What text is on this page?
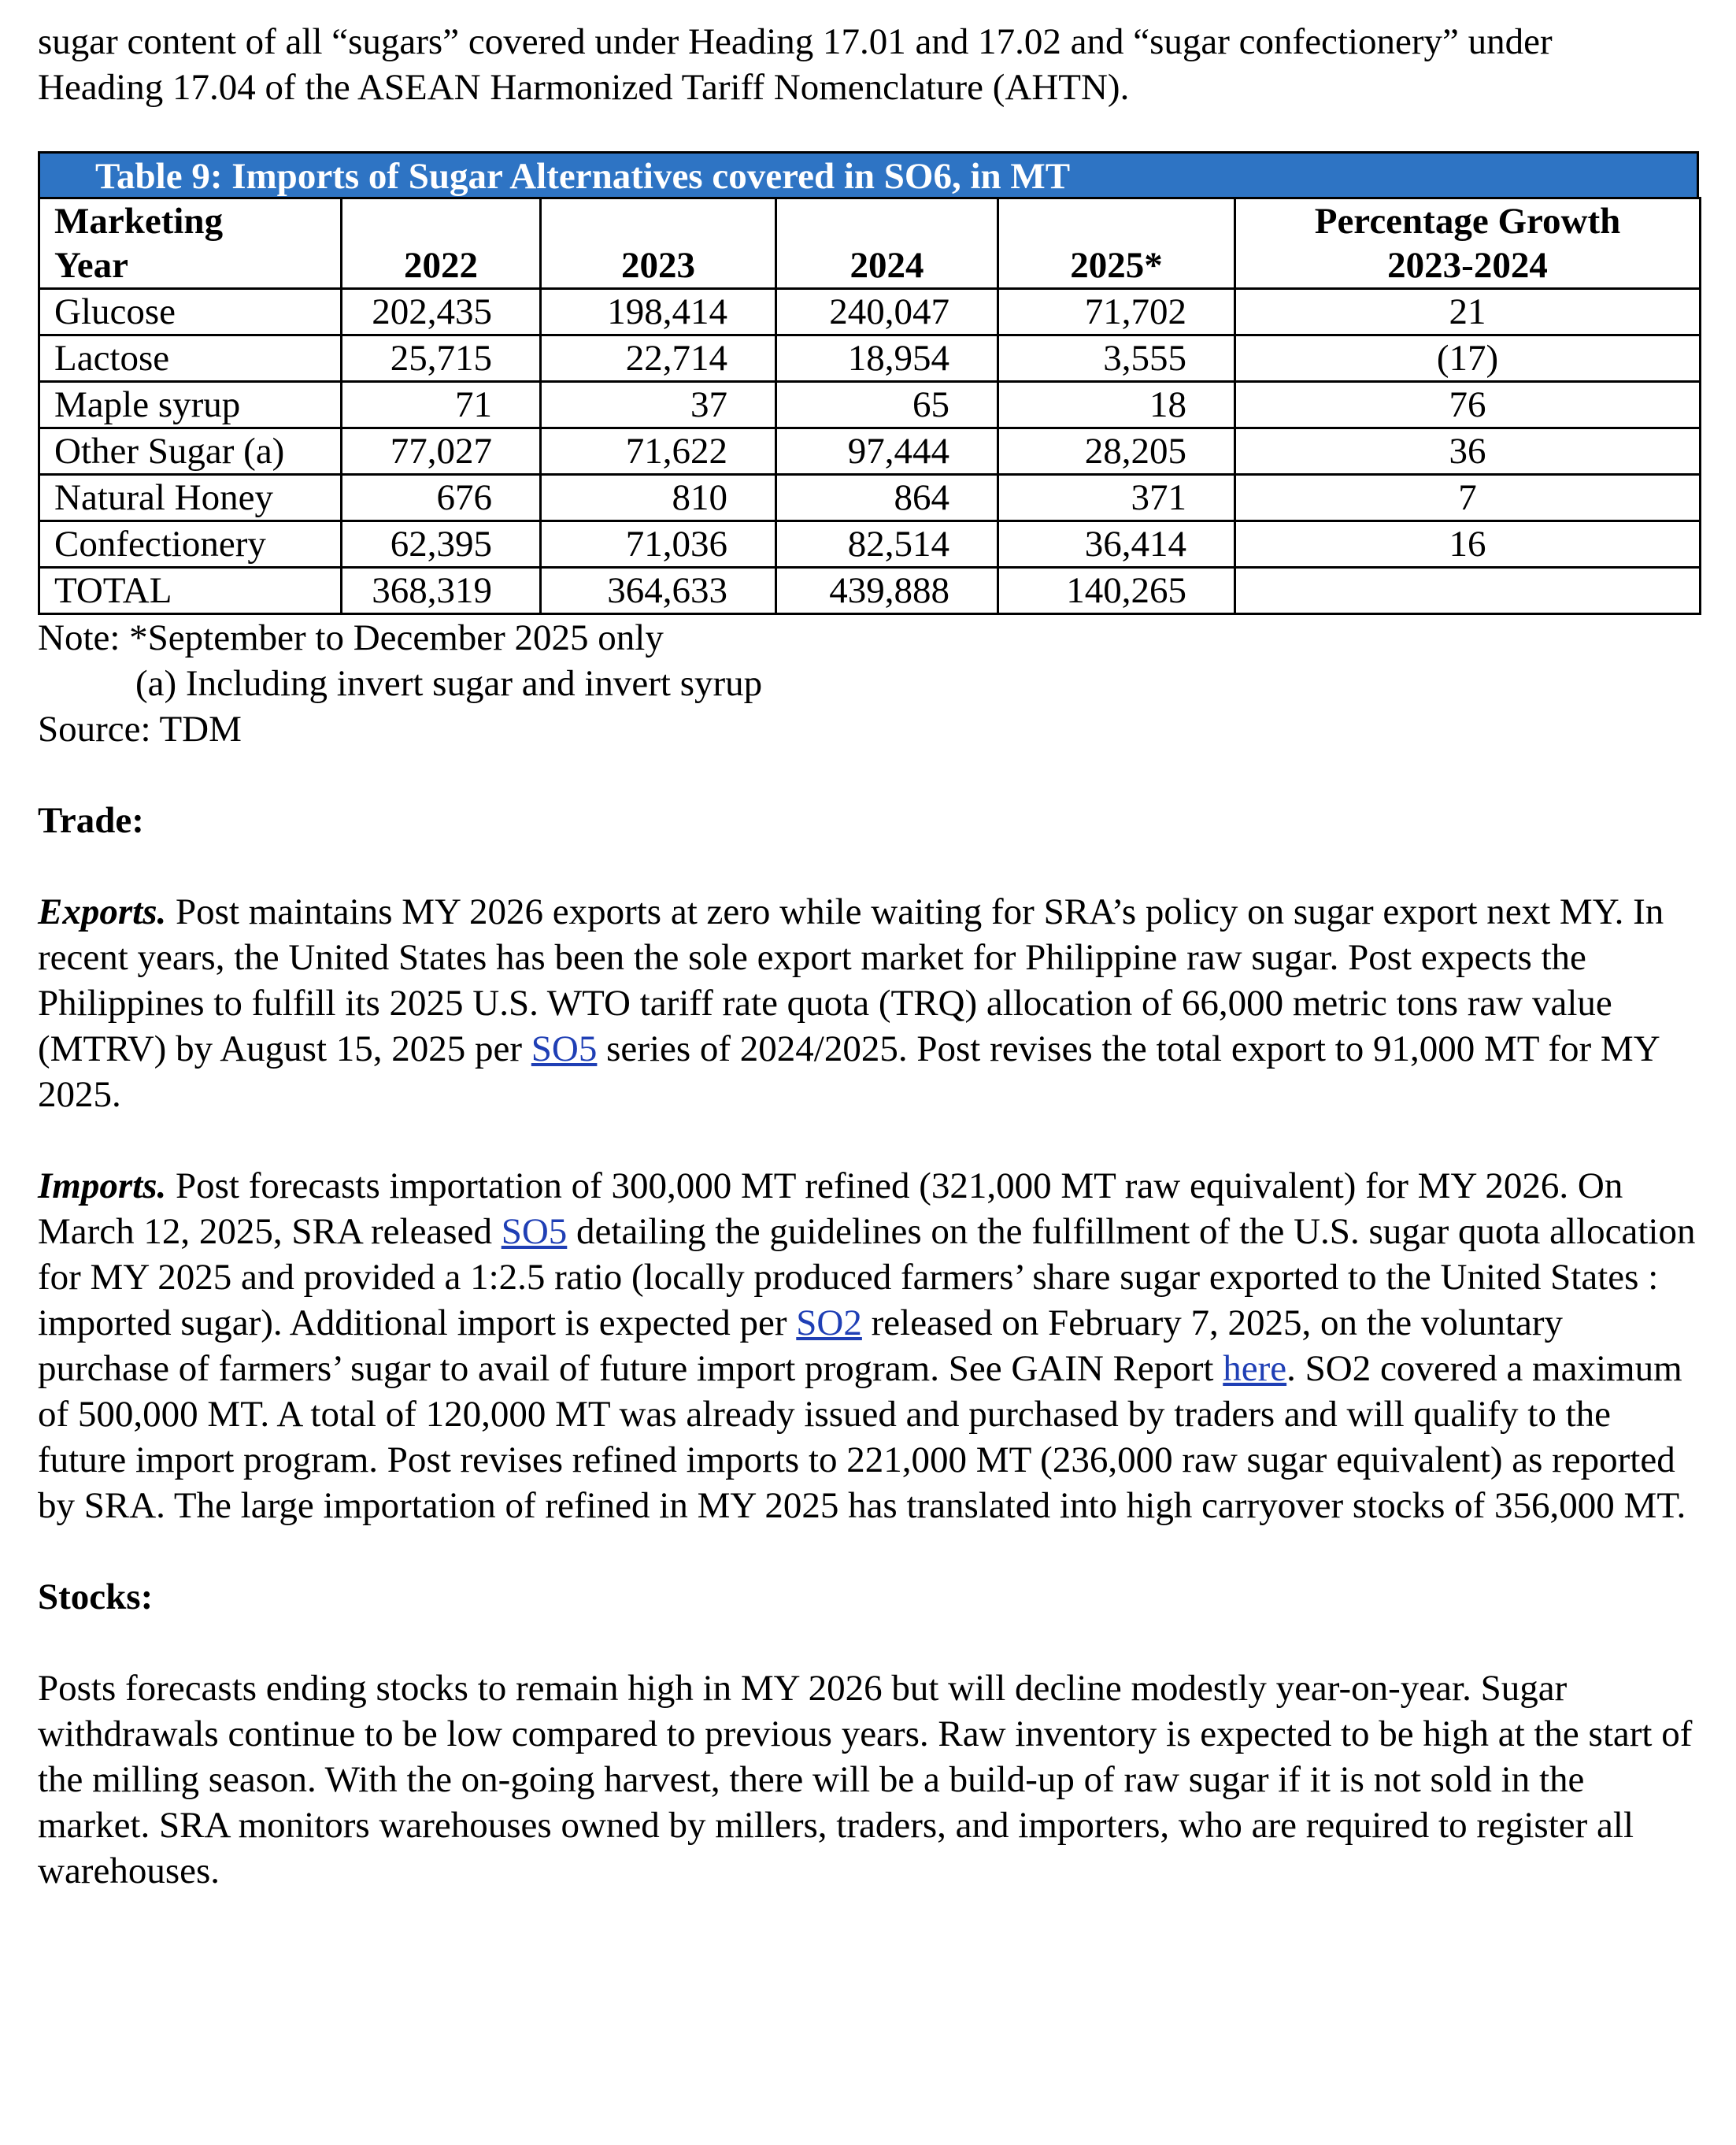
sugar content of all “sugars” covered under Heading 17.01 and 17.02 and “sugar confectionery” under
Heading 17.04 of the ASEAN Harmonized Tariff Nomenclature (AHTN).

Table 9: Imports of Sugar Alternatives covered in SO6, in MT
Marketing
Year	2022	2023	2024	2025*	Percentage Growth
2023-2024
Glucose	202,435	198,414	240,047	71,702	21
Lactose	25,715	22,714	18,954	3,555	(17)
Maple syrup	71	37	65	18	76
Other Sugar (a)	77,027	71,622	97,444	28,205	36
Natural Honey	676	810	864	371	7
Confectionery	62,395	71,036	82,514	36,414	16
TOTAL	368,319	364,633	439,888	140,265	
Note: *September to December 2025 only
(a) Including invert sugar and invert syrup
Source: TDM

Trade:

Exports. Post maintains MY 2026 exports at zero while waiting for SRA’s policy on sugar export next MY. In recent years, the United States has been the sole export market for Philippine raw sugar. Post expects the Philippines to fulfill its 2025 U.S. WTO tariff rate quota (TRQ) allocation of 66,000 metric tons raw value (MTRV) by August 15, 2025 per SO5 series of 2024/2025. Post revises the total export to 91,000 MT for MY 2025.

Imports. Post forecasts importation of 300,000 MT refined (321,000 MT raw equivalent) for MY 2026. On March 12, 2025, SRA released SO5 detailing the guidelines on the fulfillment of the U.S. sugar quota allocation for MY 2025 and provided a 1:2.5 ratio (locally produced farmers’ share sugar exported to the United States : imported sugar). Additional import is expected per SO2 released on February 7, 2025, on the voluntary purchase of farmers’ sugar to avail of future import program. See GAIN Report here. SO2 covered a maximum of 500,000 MT. A total of 120,000 MT was already issued and purchased by traders and will qualify to the future import program. Post revises refined imports to 221,000 MT (236,000 raw sugar equivalent) as reported by SRA. The large importation of refined in MY 2025 has translated into high carryover stocks of 356,000 MT.

Stocks:

Posts forecasts ending stocks to remain high in MY 2026 but will decline modestly year-on-year. Sugar withdrawals continue to be low compared to previous years. Raw inventory is expected to be high at the start of the milling season. With the on-going harvest, there will be a build-up of raw sugar if it is not sold in the market. SRA monitors warehouses owned by millers, traders, and importers, who are required to register all warehouses.
